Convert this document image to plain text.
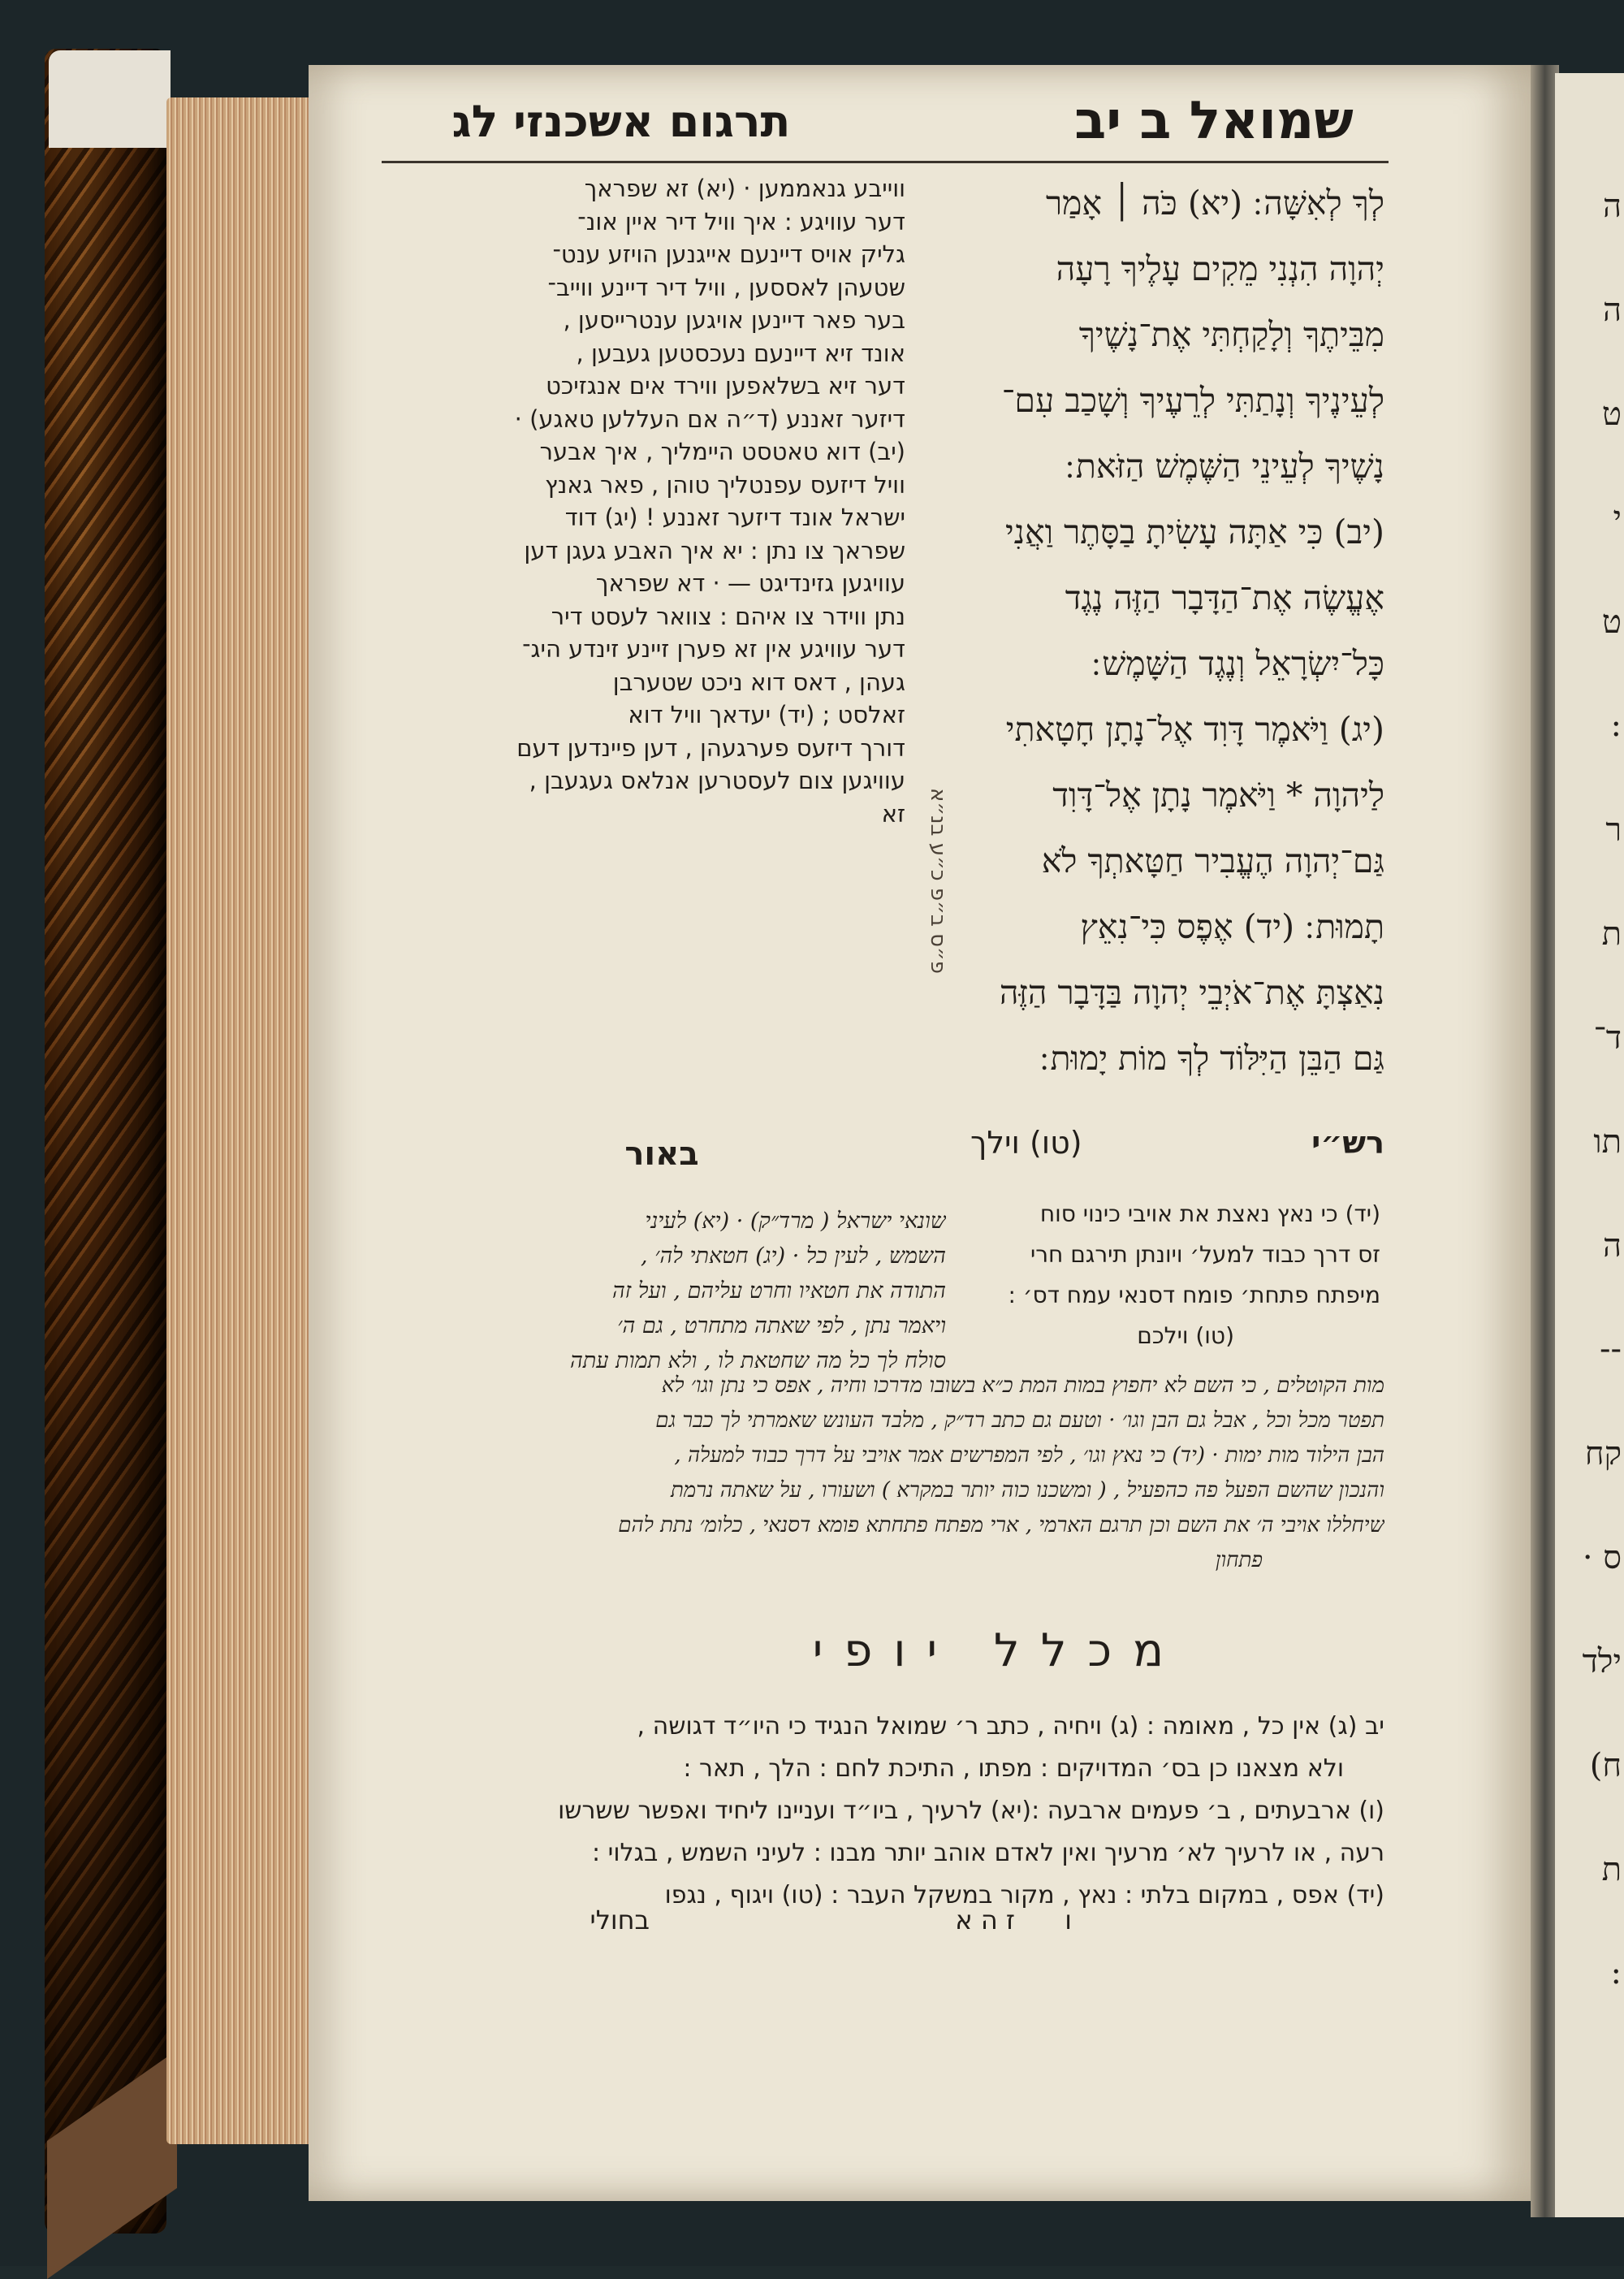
ה
ה
ט
י
ט
:
ר
ת
ד־
תו
ה
--
קח
ס ·
ילד
ח)
ת
:
תרגום אשכנזי לג	שמואל ב יב

לְךָ לְאִשָּׁה ׃ (יא) כֹּה ׀ אָמַר

יְהוָה הִנְנִי מֵקִים עָלֶיךָ רָעָה

מִבֵּיתֶךָ וְלָקַחְתִּי אֶת־נָשֶׁיךָ

לְעֵינֶיךָ וְנָתַתִּי לְרֵעֶיךָ וְשָׁכַב עִם־

נָשֶׁיךָ לְעֵינֵי הַשֶּׁמֶשׁ הַזֹּאת ׃

(יב) כִּי אַתָּה עָשִׂיתָ בַסָּתֶר וַאֲנִי

אֶעֱשֶׂה אֶת־הַדָּבָר הַזֶּה נֶגֶד

כָּל־יִשְׂרָאֵל וְנֶגֶד הַשָּׁמֶשׁ ׃

(יג) וַיֹּאמֶר דָּוִד אֶל־נָתָן חָטָאתִי

לַיהוָה * וַיֹּאמֶר נָתָן אֶל־דָּוִד

גַּם־יְהוָה הֶעֱבִיר חַטָּאתְךָ לֹא

תָמוּת ׃ (יד) אֶפֶס כִּי־נִאֵץ

נִאַצְתָּ אֶת־אֹיְבֵי יְהוָה בַּדָּבָר הַזֶּה

גַּם הַבֵּן הַיִּלּוֹד לְךָ מוֹת יָמוּת ׃

ווייבע גנאממען · (יא) זא שפראך

דער עוויגע : איך וויל דיר איין אונ־

גליק אויס דיינעם אייגנען הויזע ענט־

שטעהן לאססען , וויל דיר דיינע ווייב־

בער פאר דיינען אויגען ענטרייסען ,

אונד זיא דיינעם נעכסטען געבען ,

דער זיא בשלאפען ווירד אים אנגזיכט

דיזער זאננע (ד״ה אם העללען טאגע) ·

(יב) דוא טאטסט היימליך , איך אבער

וויל דיזעס עפנטליך טוהן , פאר גאנץ

ישראל אונד דיזער זאננע ! (יג) דוד

שפראך צו נתן : יא איך האבע געגן דען

עוויגען גזינדיגט — · דא שפראך

נתן ווידר צו איהם : צוואר לעסט דיר

דער עוויגע אין זא פערן זיינע זינדע היג־

געהן , דאס דוא ניכט שטערבן

זאלסט ; (יד) יעדאך וויל דוא

דורך דיזעס פערגעהן , דען פיינדען דעם

עוויגען צום לעסטרען אנלאס געגעבן ,

זא פ״ס ב״פ כ״ע בנ״א
רש״י
(טו) וילך

(יד) כי נאץ נאצת את אויבי כינוי סוח

זס דרך כבוד למעל׳ ויונתן תירגם חרי

מיפתח פתחת׳ פומח דסנאי עמח דס׳ :

(טו) וילכם

באור

שונאי ישראל ( מרד״ק) · (יא) לעיני

השמש , לעין כל · (יג) חטאתי לה׳ ,

התודה את חטאיו וחרט עליהם , ועל זה

ויאמר נתן , לפי שאתה מתחרט , גם ה׳

סולח לך כל מה שחטאת לו , ולא תמות עתה

מות הקוטלים , כי השם לא יחפוץ במות המת כ״א בשובו מדרכו וחיה , אפס כי נתן וגו׳ לא

תפטר מכל וכל , אבל גם הבן וגו׳ · וטעם גם כתב רד״ק , מלבד העונש שאמרתי לך כבר גם

הבן הילוד מות ימות · (יד) כי נאץ וגו׳ , לפי המפרשים אמר אויבי על דרך כבוד למעלה ,

והנכון שהשם הפעל פה כהפעיל , ( ומשכנו כוה יותר במקרא ) ושעורו , על שאתה נרמת

שיחללו אויבי ה׳ את השם וכן תרגם הארמי , ארי מפתח פתחתא פומא דסנאי , כלומ׳ נתת להם

פתחון

מכלל יופי

יב (ג) אין כל , מאומה : (ג) ויחיה , כתב ר׳ שמואל הנגיד כי היו״ד דגושה ,

ולא מצאנו כן בס׳ המדויקים : מפתו , התיכת לחם : הלך , תאר :

(ו) ארבעתים , ב׳ פעמים ארבעה :(יא) לרעיך , ביו״ד ועניינו ליחיד ואפשר ששרשו

רעה , או לרעיך לא׳ מרעיך ואין לאדם אוהב יותר מבנו : לעיני השמש , בגלוי :

(יד) אפס , במקום בלתי : נאץ , מקור במשקל העבר : (טו) ויגוף , נגפו

ז ה א ו
בחולי
